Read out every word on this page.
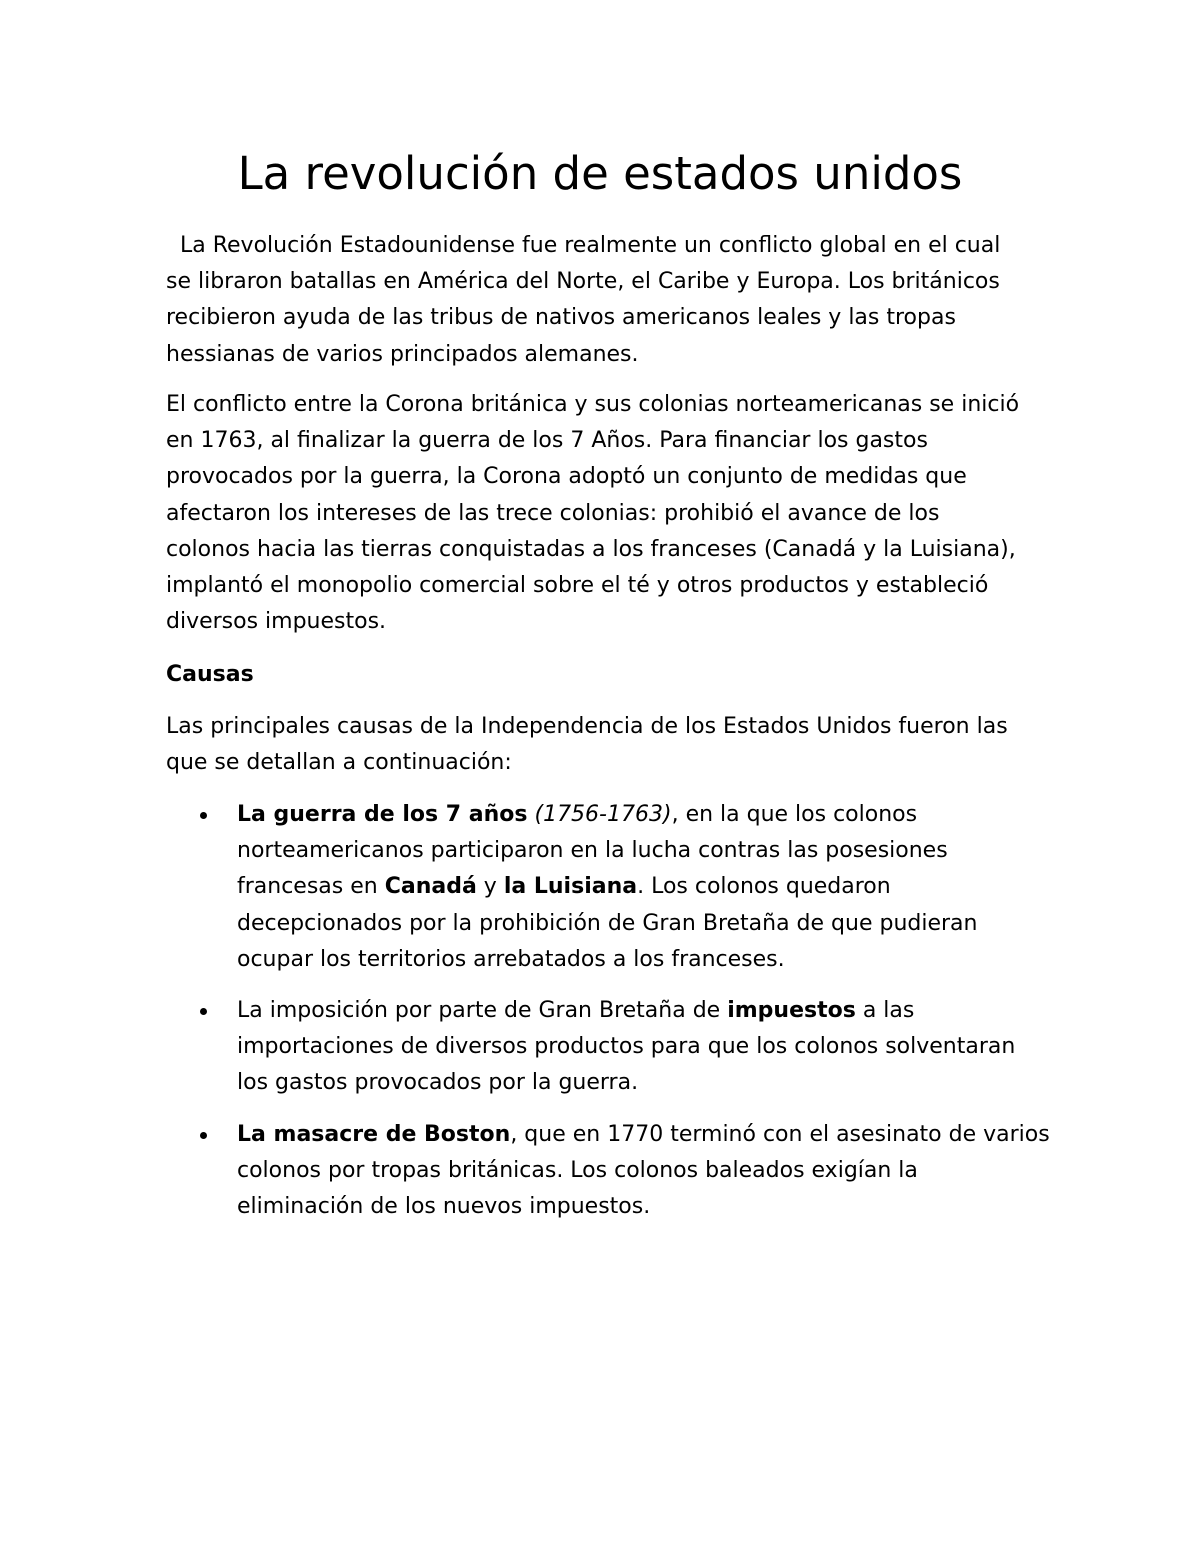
La revolución de estados unidos

La Revolución Estadounidense fue realmente un conflicto global en el cual
se libraron batallas en América del Norte, el Caribe y Europa. Los británicos
recibieron ayuda de las tribus de nativos americanos leales y las tropas
hessianas de varios principados alemanes.

El conflicto entre la Corona británica y sus colonias norteamericanas se inició
en 1763, al finalizar la guerra de los 7 Años. Para financiar los gastos
provocados por la guerra, la Corona adoptó un conjunto de medidas que
afectaron los intereses de las trece colonias: prohibió el avance de los
colonos hacia las tierras conquistadas a los franceses (Canadá y la Luisiana),
implantó el monopolio comercial sobre el té y otros productos y estableció
diversos impuestos.

Causas

Las principales causas de la Independencia de los Estados Unidos fueron las
que se detallan a continuación:

La guerra de los 7 años (1756-1763), en la que los colonos
norteamericanos participaron en la lucha contras las posesiones
francesas en Canadá y la Luisiana. Los colonos quedaron
decepcionados por la prohibición de Gran Bretaña de que pudieran
ocupar los territorios arrebatados a los franceses.
La imposición por parte de Gran Bretaña de impuestos a las
importaciones de diversos productos para que los colonos solventaran
los gastos provocados por la guerra.
La masacre de Boston, que en 1770 terminó con el asesinato de varios
colonos por tropas británicas. Los colonos baleados exigían la
eliminación de los nuevos impuestos.
